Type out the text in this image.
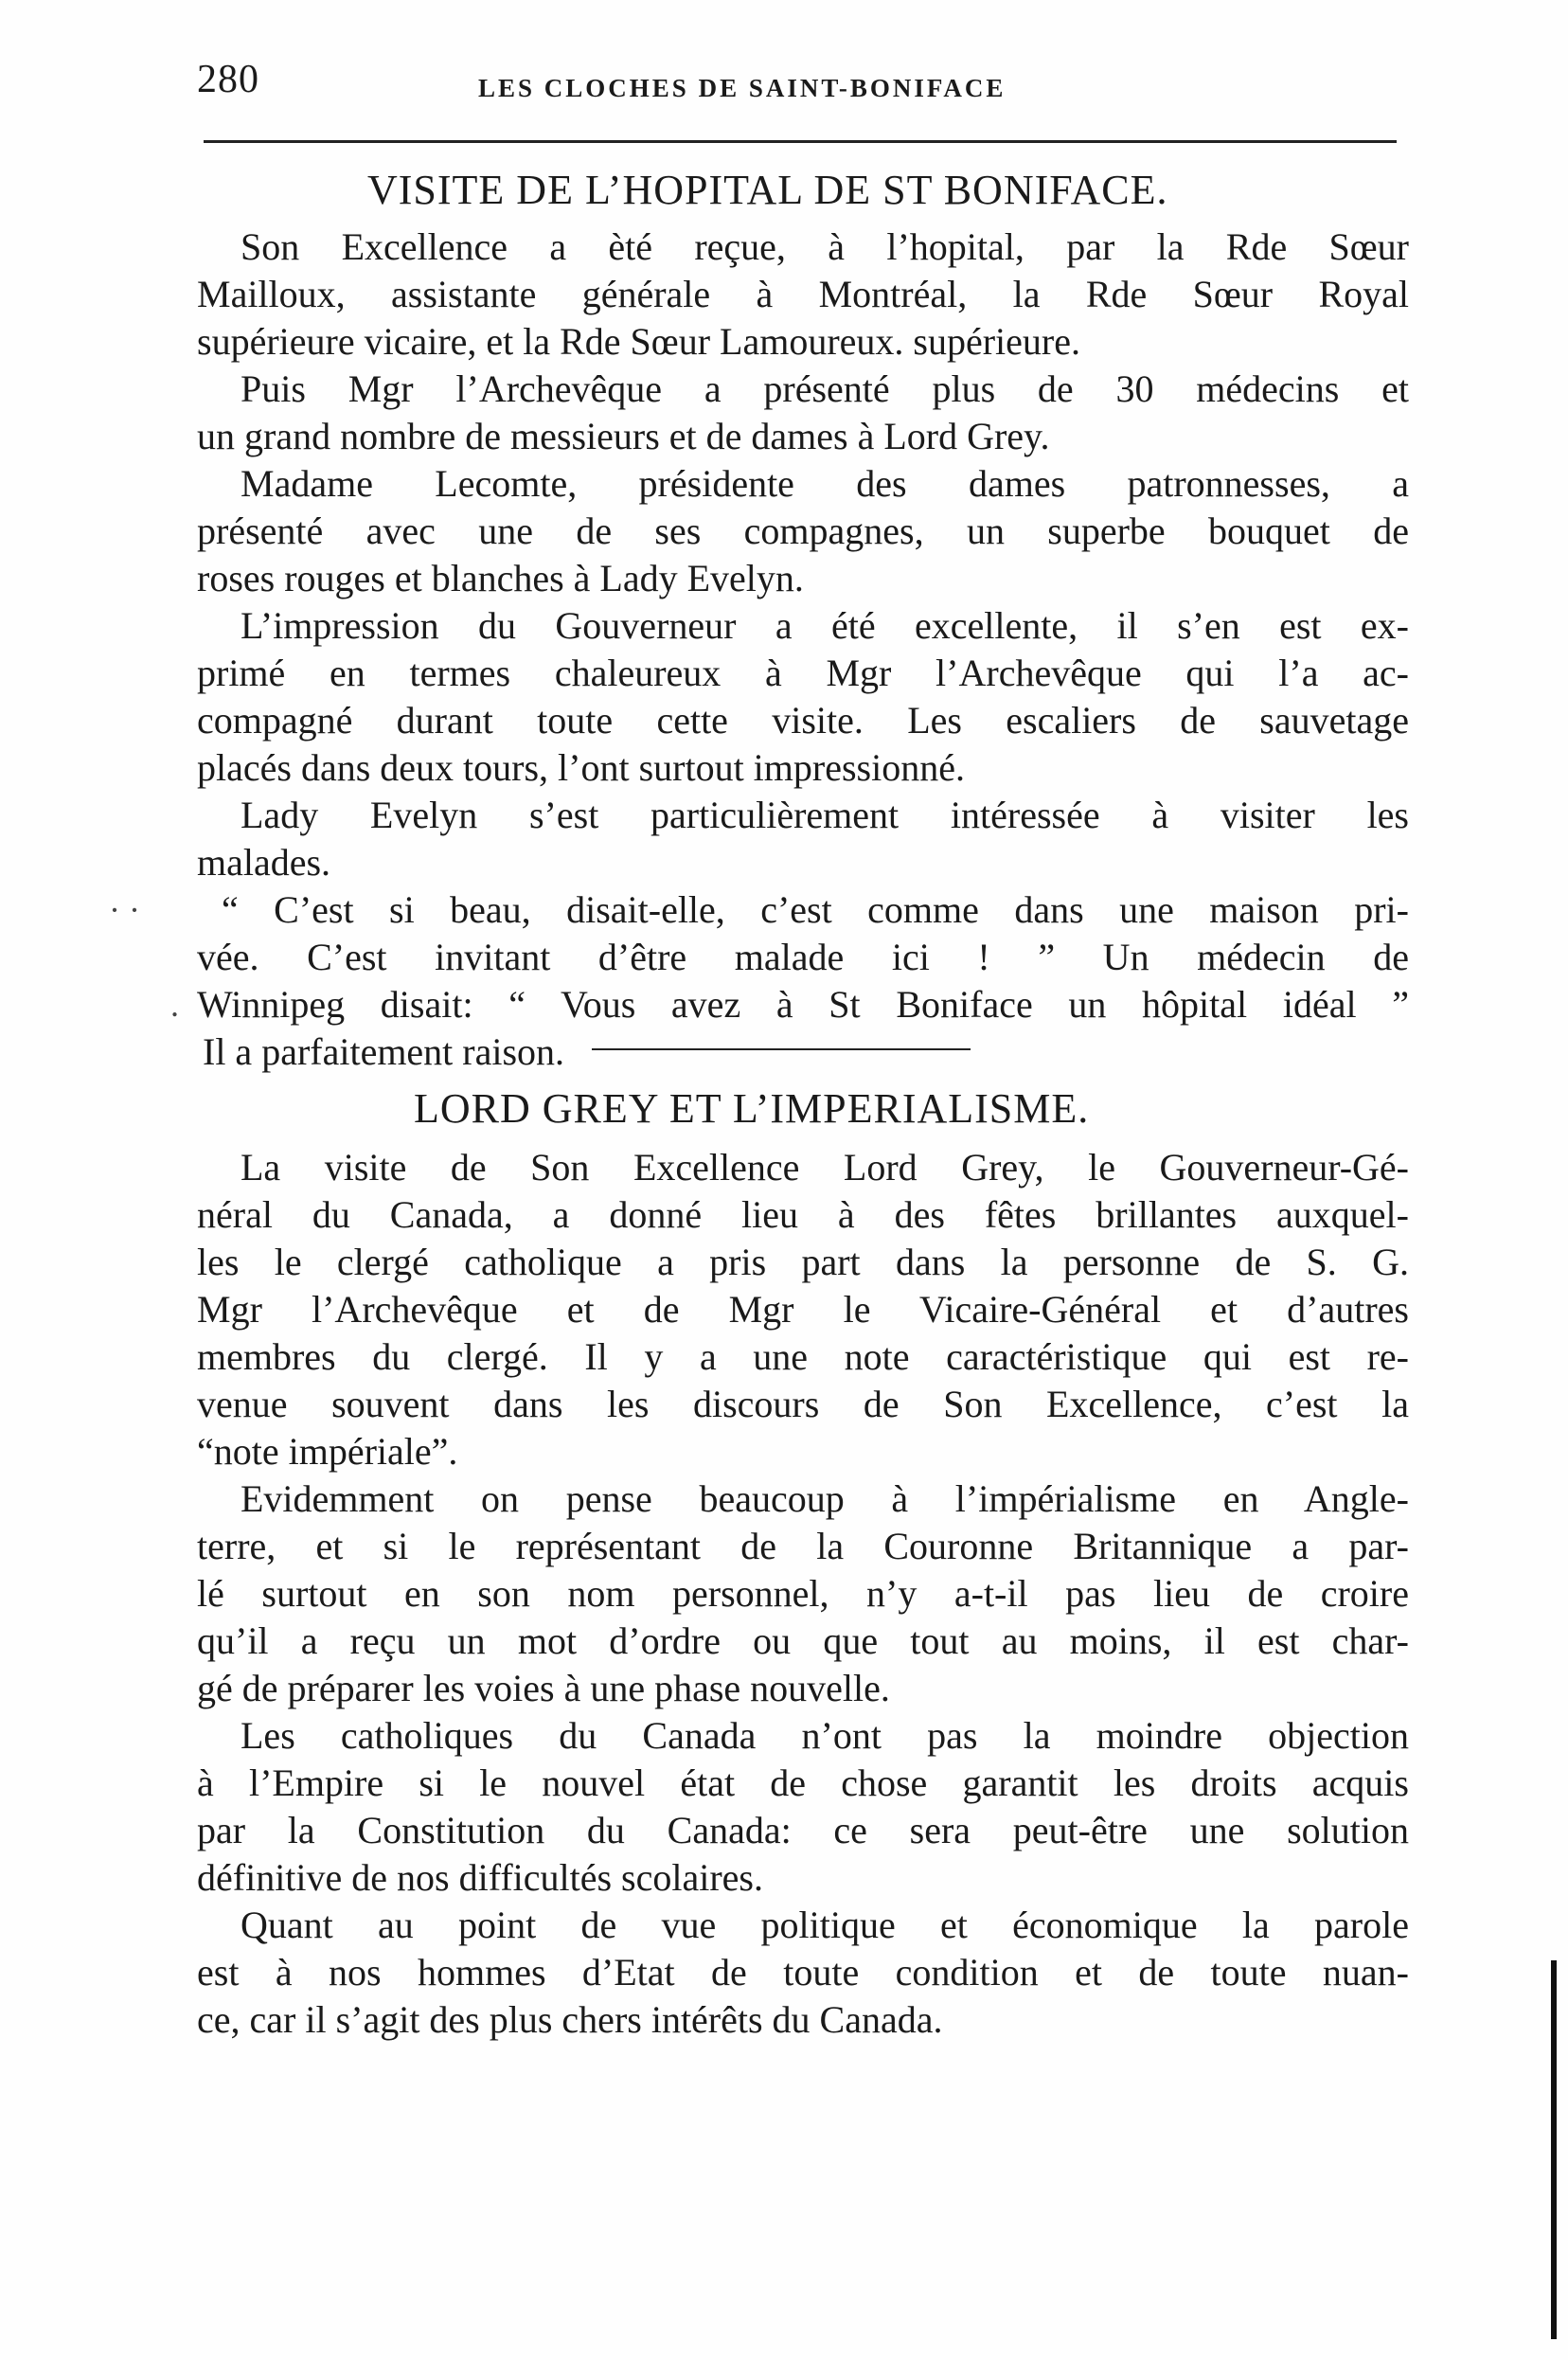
280	LES CLOCHES DE SAINT-BONIFACE
VISITE DE L’HOPITAL DE ST BONIFACE.
Son Excellence a èté reçue, à l’hopital, par la Rde Sœur
Mailloux, assistante générale à Montréal, la Rde Sœur Royal
supérieure vicaire, et la Rde Sœur Lamoureux. supérieure.
Puis Mgr l’Archevêque a présenté plus de 30 médecins et
un grand nombre de messieurs et de dames à Lord Grey.
Madame Lecomte, présidente des dames patronnesses, a
présenté avec une de ses compagnes, un superbe bouquet de
roses rouges et blanches à Lady Evelyn.
L’impression du Gouverneur a été excellente, il s’en est ex-
primé en termes chaleureux à Mgr l’Archevêque qui l’a ac-
compagné durant toute cette visite. Les escaliers de sauvetage
placés dans deux tours, l’ont surtout impressionné.
Lady Evelyn s’est particulièrement intéressée à visiter les
malades.
“ C’est si beau, disait-elle, c’est comme dans une maison pri-
vée. C’est invitant d’être malade ici ! ” Un médecin de
Winnipeg disait: “ Vous avez à St Boniface un hôpital idéal ”
Il a parfaitement raison.
· ·
.
LORD GREY ET L’IMPERIALISME.
La visite de Son Excellence Lord Grey, le Gouverneur-Gé-
néral du Canada, a donné lieu à des fêtes brillantes auxquel-
les le clergé catholique a pris part dans la personne de S. G.
Mgr l’Archevêque et de Mgr le Vicaire-Général et d’autres
membres du clergé. Il y a une note caractéristique qui est re-
venue souvent dans les discours de Son Excellence, c’est la
“note impériale”.
Evidemment on pense beaucoup à l’impérialisme en Angle-
terre, et si le représentant de la Couronne Britannique a par-
lé surtout en son nom personnel, n’y a-t-il pas lieu de croire
qu’il a reçu un mot d’ordre ou que tout au moins, il est char-
gé de préparer les voies à une phase nouvelle.
Les catholiques du Canada n’ont pas la moindre objection
à l’Empire si le nouvel état de chose garantit les droits acquis
par la Constitution du Canada: ce sera peut-être une solution
définitive de nos difficultés scolaires.
Quant au point de vue politique et économique la parole
est à nos hommes d’Etat de toute condition et de toute nuan-
ce, car il s’agit des plus chers intérêts du Canada.
